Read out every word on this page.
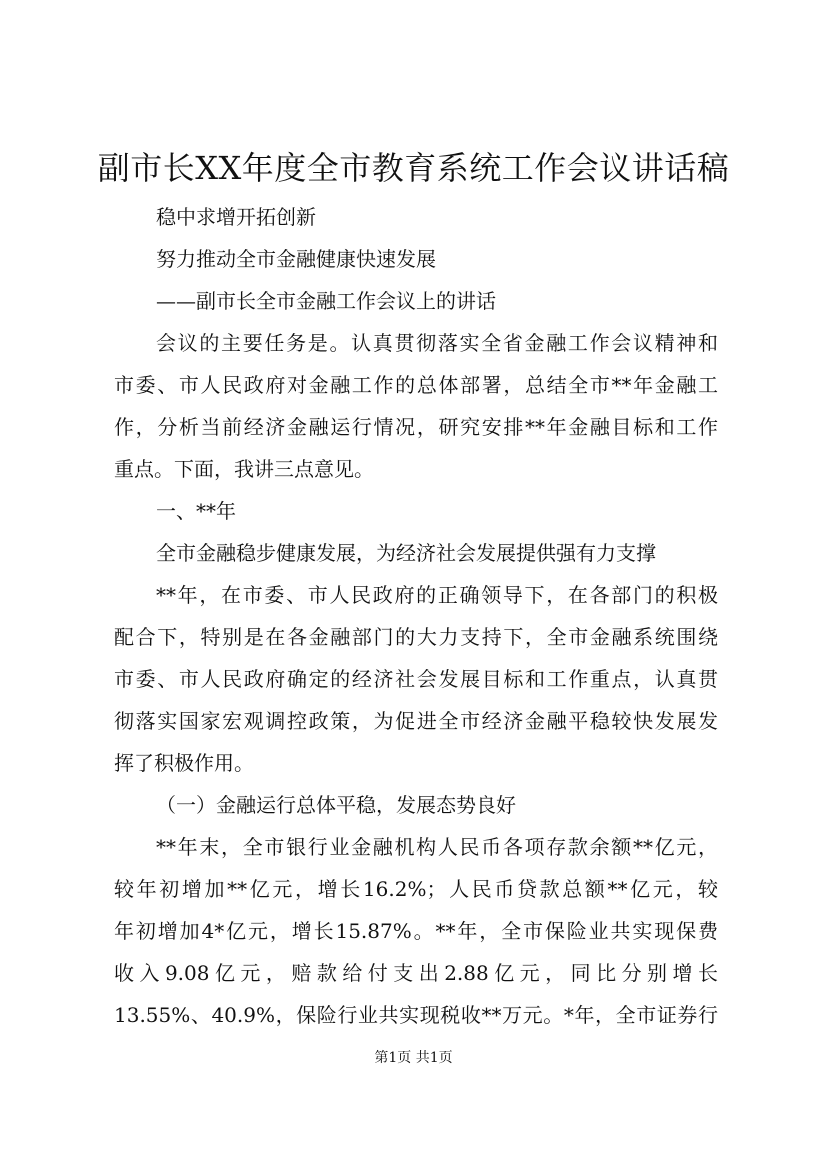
副市长XX年度全市教育系统工作会议讲话稿
稳中求增开拓创新
努力推动全市金融健康快速发展
——副市长全市金融工作会议上的讲话
会议的主要任务是。认真贯彻落实全省金融工作会议精神和
市委、市人民政府对金融工作的总体部署，总结全市**年金融工
作，分析当前经济金融运行情况，研究安排**年金融目标和工作
重点。下面，我讲三点意见。
一、**年
全市金融稳步健康发展，为经济社会发展提供强有力支撑
**年，在市委、市人民政府的正确领导下，在各部门的积极
配合下，特别是在各金融部门的大力支持下，全市金融系统围绕
市委、市人民政府确定的经济社会发展目标和工作重点，认真贯
彻落实国家宏观调控政策，为促进全市经济金融平稳较快发展发
挥了积极作用。
（一）金融运行总体平稳，发展态势良好
**年末，全市银行业金融机构人民币各项存款余额**亿元，
较年初增加**亿元，增长16.2%；人民币贷款总额**亿元，较
年初增加4*亿元，增长15.87%。**年，全市保险业共实现保费
收入9.08亿元，赔款给付支出2.88亿元，同比分别增长
13.55%、40.9%，保险行业共实现税收**万元。*年，全市证券行
第1页 共1页
